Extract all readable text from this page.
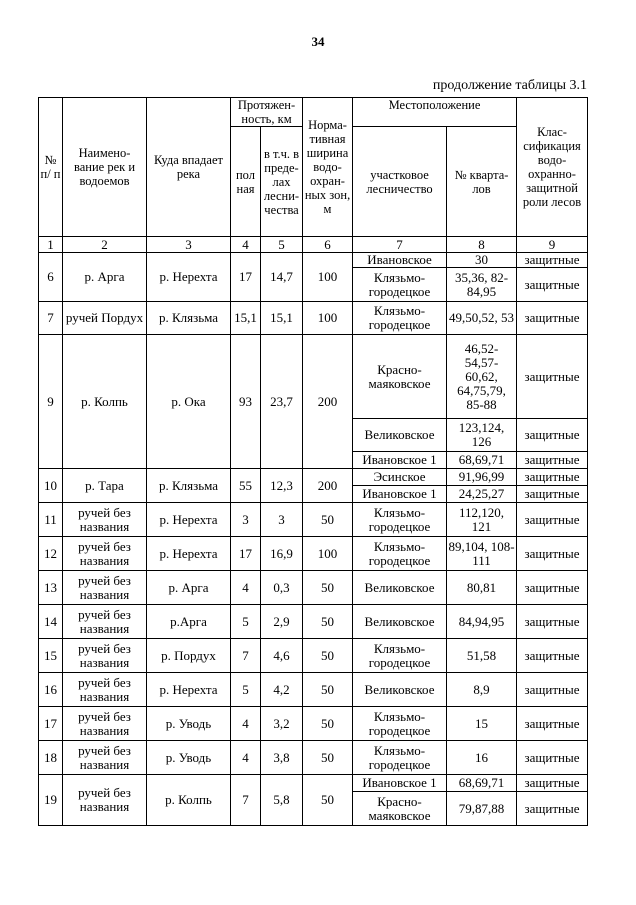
34
продолжение таблицы 3.1
№ п/ п	Наимено- вание рек и водоемов	Куда впадает река	Протяжен- ность, км		Норма- тивная ширина водо- охран- ных зон, м	Местоположение		Клас- сификация водо- охранно- защитной роли лесов
			пол ная	в т.ч. в преде- лах лесни- чества		участковое лесничество	№ кварта- лов	

1	2	3	4	5	6	7	8	9
6	р. Арга	р. Нерехта	17	14,7	100	Ивановское	30	защитные
						Клязьмо- городецкое	35,36, 82-84,95	защитные
7	ручей Пордух	р. Клязьма	15,1	15,1	100	Клязьмо- городецкое	49,50,52, 53	защитные
9	р. Колпь	р. Ока	93	23,7	200	Красно- маяковское	46,52- 54,57- 60,62, 64,75,79, 85-88	защитные
						Великовское	123,124, 126	защитные
						Ивановское 1	68,69,71	защитные
10	р. Тара	р. Клязьма	55	12,3	200	Эсинское	91,96,99	защитные
						Ивановское 1	24,25,27	защитные
11	ручей без названия	р. Нерехта	3	3	50	Клязьмо- городецкое	112,120, 121	защитные
12	ручей без названия	р. Нерехта	17	16,9	100	Клязьмо- городецкое	89,104, 108-111	защитные
13	ручей без названия	р. Арга	4	0,3	50	Великовское	80,81	защитные
14	ручей без названия	р.Арга	5	2,9	50	Великовское	84,94,95	защитные
15	ручей без названия	р. Пордух	7	4,6	50	Клязьмо- городецкое	51,58	защитные
16	ручей без названия	р. Нерехта	5	4,2	50	Великовское	8,9	защитные
17	ручей без названия	р. Уводь	4	3,2	50	Клязьмо- городецкое	15	защитные
18	ручей без названия	р. Уводь	4	3,8	50	Клязьмо- городецкое	16	защитные
19	ручей без названия	р. Колпь	7	5,8	50	Ивановское 1	68,69,71	защитные
						Красно- маяковское	79,87,88	защитные
